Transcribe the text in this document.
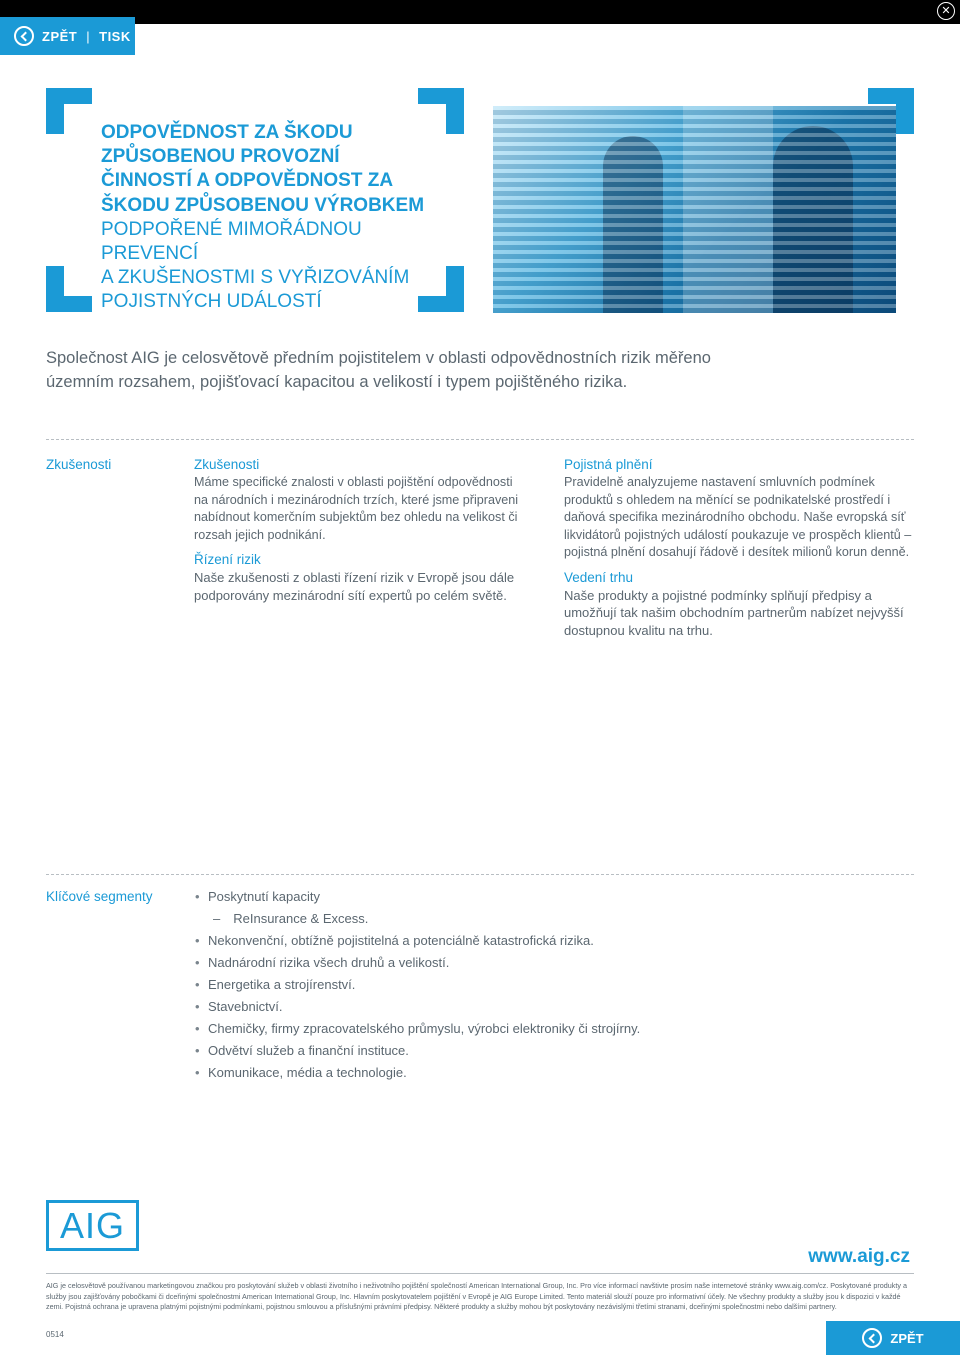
✕
ZPĚT | TISK
ODPOVĚDNOST ZA ŠKODU
ZPŮSOBENOU PROVOZNÍ
ČINNOSTÍ A ODPOVĚDNOST ZA
ŠKODU ZPŮSOBENOU VÝROBKEM
PODPOŘENÉ MIMOŘÁDNOU PREVENCÍ
A ZKUŠENOSTMI S VYŘIZOVÁNÍM
POJISTNÝCH UDÁLOSTÍ
Společnost AIG je celosvětově předním pojistitelem v oblasti odpovědnostních rizik měřeno
územním rozsahem, pojišťovací kapacitou a velikostí i typem pojištěného rizika.
Zkušenosti	Zkušenosti

Máme specifické znalosti v oblasti pojištění odpovědnosti na národních i mezinárodních trzích, které jsme připraveni nabídnout komerčním subjektům bez ohledu na velikost či rozsah jejich podnikání.

Řízení rizik

Naše zkušenosti z oblasti řízení rizik v Evropě jsou dále podporovány mezinárodní sítí expertů po celém světě.

Pojistná plnění

Pravidelně analyzujeme nastavení smluvních podmínek produktů s ohledem na měnící se podnikatelské prostředí i daňová specifika mezinárodního obchodu. Naše evropská síť likvidátorů pojistných událostí poukazuje ve prospěch klientů – pojistná plnění dosahují řádově i desítek milionů korun denně.

Vedení trhu

Naše produkty a pojistné podmínky splňují předpisy a umožňují tak našim obchodním partnerům nabízet nejvyšší dostupnou kvalitu na trhu.

Klíčové segmenty
•	Poskytnutí kapacity
– ReInsurance & Excess.
• Nekonvenční, obtížně pojistitelná a potenciálně katastrofická rizika.
• Nadnárodní rizika všech druhů a velikostí.
• Energetika a strojírenství.
• Stavebnictví.
• Chemičky, firmy zpracovatelského průmyslu, výrobci elektroniky či strojírny.
• Odvětví služeb a finanční instituce.
• Komunikace, média a technologie.
AIG
www.aig.cz
AIG je celosvětově používanou marketingovou značkou pro poskytování služeb v oblasti životního i neživotního pojištění společností American International Group, Inc. Pro více informací navštivte prosím naše internetové stránky www.aig.com/cz. Poskytované produkty a služby jsou zajišťovány pobočkami či dceřinými společnostmi American International Group, Inc. Hlavním poskytovatelem pojištění v Evropě je AIG Europe Limited. Tento materiál slouží pouze pro informativní účely. Ne všechny produkty a služby jsou k dispozici v každé zemi. Pojistná ochrana je upravena platnými pojistnými podmínkami, pojistnou smlouvou a příslušnými právními předpisy. Některé produkty a služby mohou být poskytovány nezávislými třetími stranami, dceřinými společnostmi nebo dalšími partnery.
0514	ZPĚT
